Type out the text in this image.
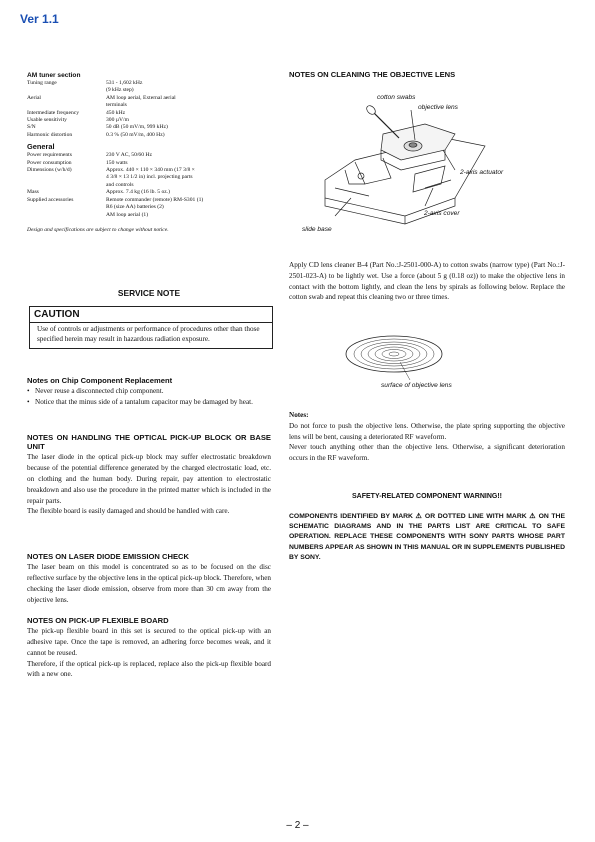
Ver 1.1
AM tuner section
Tuning range	531 - 1,602 kHz
(9 kHz step)
Aerial	AM loop aerial, External aerial
terminals
Intermediate frequency	450 kHz
Usable sensitivity	300 µV/m
S/N	50 dB (50 mV/m, 999 kHz)
Harmonic distortion	0.3 % (50 mV/m, 400 Hz)
General
Power requirements	230 V AC, 50/60 Hz
Power consumption	150 watts
Dimensions (w/h/d)	Approx. 440 × 110 × 340 mm (17 3/8 ×
4 3/8 × 13 1/2 in) incl. projecting parts
and controls
Mass	Approx. 7.4 kg (16 lb. 5 oz.)
Supplied accessories	Remote commander (remote) RM-S301 (1)
R6 (size AA) batteries (2)
AM loop aerial (1)
Design and specifications are subject to change without notice.
SERVICE NOTE
CAUTION
Use of controls or adjustments or performance of procedures other than those specified herein may result in hazardous radiation exposure.
Notes on Chip Component Replacement
• Never reuse a disconnected chip component.
• Notice that the minus side of a tantalum capacitor may be damaged by heat.
NOTES ON HANDLING THE OPTICAL PICK-UP BLOCK OR BASE UNIT
The laser diode in the optical pick-up block may suffer electrostatic breakdown because of the potential difference generated by the charged electrostatic load, etc. on clothing and the human body. During repair, pay attention to electrostatic breakdown and also use the procedure in the printed matter which is included in the repair parts.
The flexible board is easily damaged and should be handled with care.
NOTES ON LASER DIODE EMISSION CHECK
The laser beam on this model is concentrated so as to be focused on the disc reflective surface by the objective lens in the optical pick-up block. Therefore, when checking the laser diode emission, observe from more than 30 cm away from the objective lens.
NOTES ON PICK-UP FLEXIBLE BOARD
The pick-up flexible board in this set is secured to the optical pick-up with an adhesive tape. Once the tape is removed, an adhering force becomes weak, and it cannot be reused.
Therefore, if the optical pick-up is replaced, replace also the pick-up flexible board with a new one.
NOTES ON CLEANING THE OBJECTIVE LENS
cotton swabs
objective lens
2-axis actuator
2-axis cover
slide base
Apply CD lens cleaner B-4 (Part No.:J-2501-000-A) to cotton swabs (narrow type) (Part No.:J-2501-023-A) to be lightly wet. Use a force (about 5 g (0.18 oz)) to make the objective lens in contact with the bottom lightly, and clean the lens by spirals as following below. Replace the cotton swab and repeat this cleaning two or three times.
surface of objective lens
Notes:
Do not force to push the objective lens. Otherwise, the plate spring supporting the objective lens will be bent, causing a deteriorated RF waveform.
Never touch anything other than the objective lens. Otherwise, a significant deterioration occurs in the RF waveform.
SAFETY-RELATED COMPONENT WARNING!!
COMPONENTS IDENTIFIED BY MARK ⚠ OR DOTTED LINE WITH MARK ⚠ ON THE SCHEMATIC DIAGRAMS AND IN THE PARTS LIST ARE CRITICAL TO SAFE OPERATION. REPLACE THESE COMPONENTS WITH SONY PARTS WHOSE PART NUMBERS APPEAR AS SHOWN IN THIS MANUAL OR IN SUPPLEMENTS PUBLISHED BY SONY.
– 2 –
